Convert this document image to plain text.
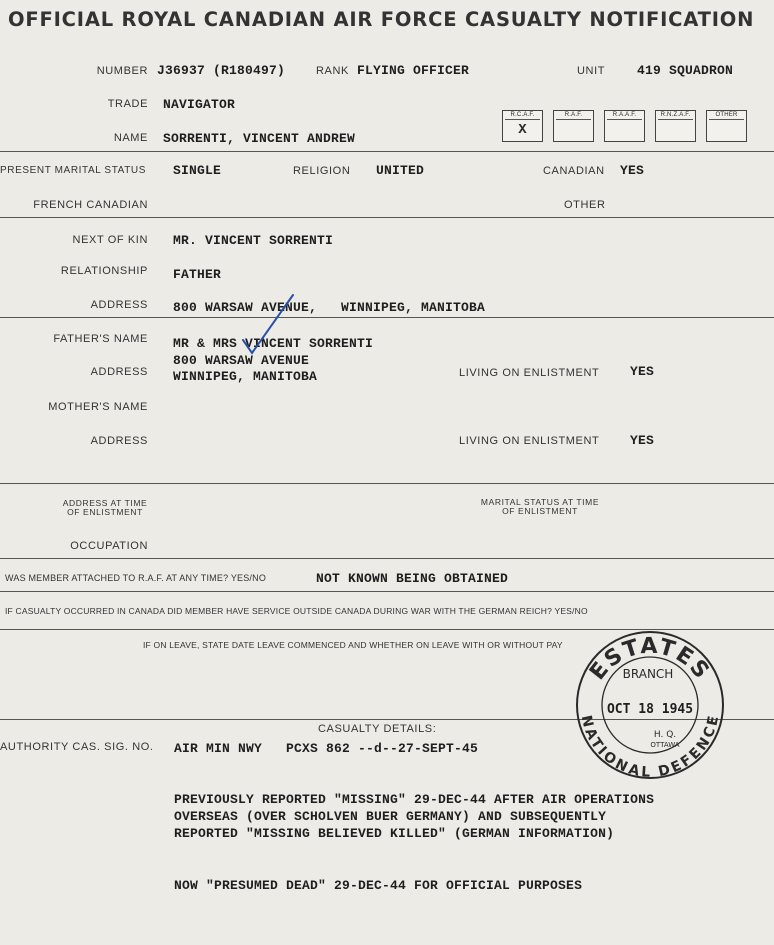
OFFICIAL ROYAL CANADIAN AIR FORCE CASUALTY NOTIFICATION
NUMBER J36937 (R180497)	RANK FLYING OFFICER	UNIT 419 SQUADRON
TRADE NAVIGATOR
NAME SORRENTI, VINCENT ANDREW
R.C.A.F.
X
R.A.F.	R.A.A.F.	R.N.Z.A.F.	OTHER
PRESENT MARITAL STATUS SINGLE	RELIGION UNITED	CANADIAN YES
FRENCH CANADIAN	OTHER
NEXT OF KIN MR. VINCENT SORRENTI
RELATIONSHIP FATHER
ADDRESS 800 WARSAW AVENUE,   WINNIPEG, MANITOBA
FATHER'S NAME MR & MRS VINCENT SORRENTI
ADDRESS
800 WARSAW AVENUE
WINNIPEG, MANITOBA	LIVING ON ENLISTMENT YES
MOTHER'S NAME
ADDRESS	LIVING ON ENLISTMENT YES
ADDRESS AT TIME
OF ENLISTMENT
MARITAL STATUS AT TIME
OF ENLISTMENT
OCCUPATION
WAS MEMBER ATTACHED TO R.A.F. AT ANY TIME? YES/NO	NOT KNOWN BEING OBTAINED
IF CASUALTY OCCURRED IN CANADA DID MEMBER HAVE SERVICE OUTSIDE CANADA DURING WAR WITH THE GERMAN REICH? YES/NO
IF ON LEAVE, STATE DATE LEAVE COMMENCED AND WHETHER ON LEAVE WITH OR WITHOUT PAY
CASUALTY DETAILS:
AUTHORITY CAS. SIG. NO. AIR MIN NWY   PCXS 862 --d--27-SEPT-45
PREVIOUSLY REPORTED "MISSING" 29-DEC-44 AFTER AIR OPERATIONS
OVERSEAS (OVER SCHOLVEN BUER GERMANY) AND SUBSEQUENTLY
REPORTED "MISSING BELIEVED KILLED" (GERMAN INFORMATION)
NOW "PRESUMED DEAD" 29-DEC-44 FOR OFFICIAL PURPOSES
ESTATES
NATIONAL DEFENCE
BRANCH
OCT 18 1945
H. Q.
OTTAWA
